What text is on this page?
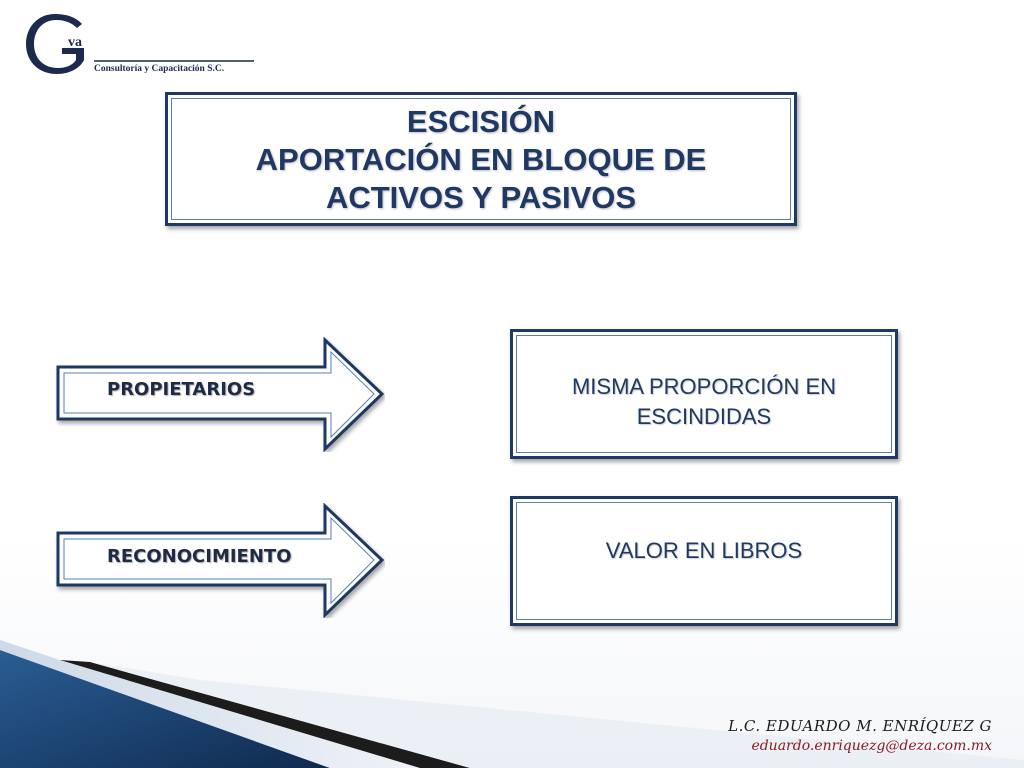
va
Consultoría y Capacitación S.C.
ESCISIÓN
APORTACIÓN EN BLOQUE DE
ACTIVOS Y PASIVOS
PROPIETARIOS
RECONOCIMIENTO
MISMA PROPORCIÓN EN
ESCINDIDAS
VALOR EN LIBROS
L.C. EDUARDO M. ENRÍQUEZ G
eduardo.enriquezg@deza.com.mx
